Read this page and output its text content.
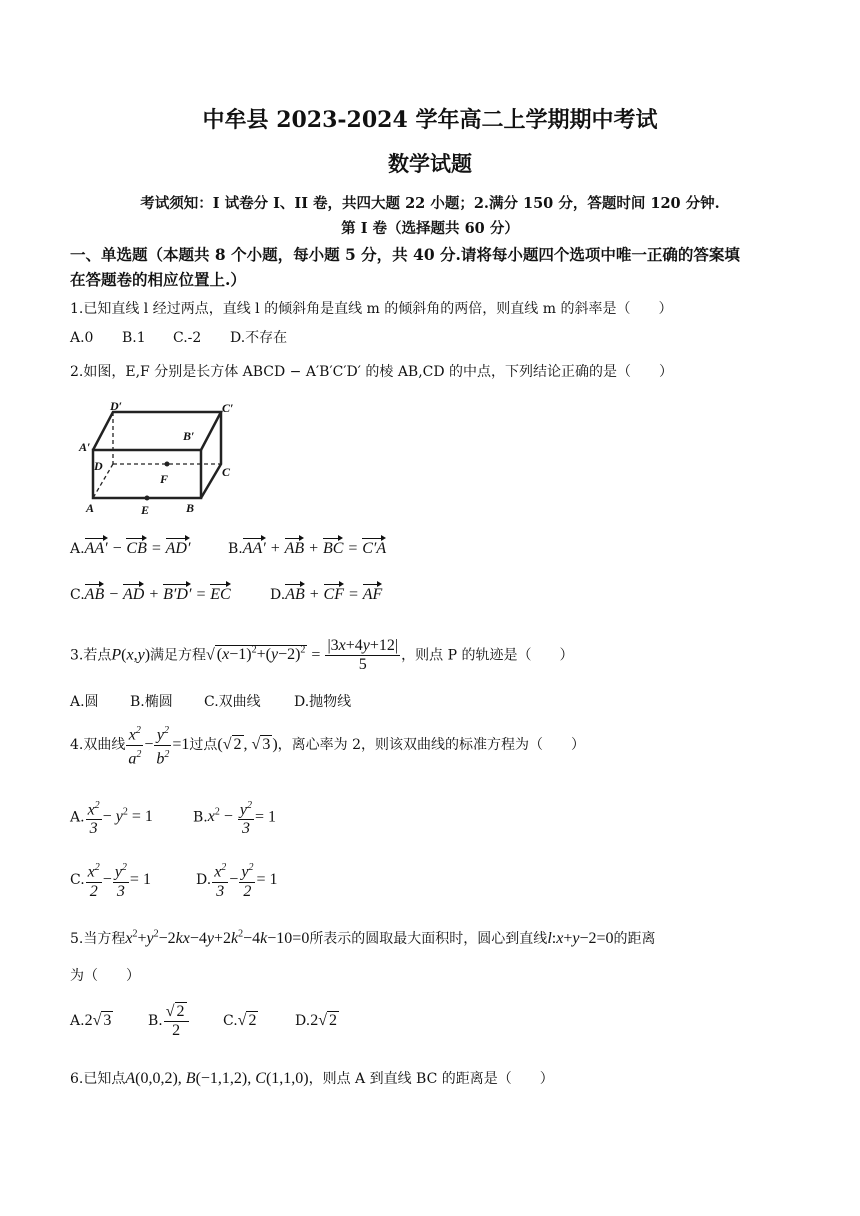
中牟县 2023-2024 学年高二上学期期中考试
数学试题
考试须知：I 试卷分 I、II 卷，共四大题 22 小题；2.满分 150 分，答题时间 120 分钟.
第 I 卷（选择题共 60 分）
一、单选题（本题共 8 个小题，每小题 5 分，共 40 分.请将每小题四个选项中唯一正确的答案填
在答题卷的相应位置上.）
1.已知直线 l 经过两点，直线 l 的倾斜角是直线 m 的倾斜角的两倍，则直线 m 的斜率是（　　）
A.0 B.1 C.-2 D.不存在
2.如图，E,F 分别是长方体 ABCD − A′B′C′D′ 的棱 AB,CD 的中点，下列结论正确的是（　　）
D′	C′
A′
B′
D	C
F
A	E	B
A.AA′ − CB = AD′	B.AA′ + AB + BC = C′A
C.AB − AD + B′D′ = EC	D.AB + CF = AF
3.若点P(x,y)满足方程√ $(x-1)^2+(y-2)^2 = \frac{|3x+4y+12|}{5}$ ，则点 P 的轨迹是（　　）
A.圆 B.椭圆 C.双曲线 D.抛物线
4.双曲线 $\frac{x^2}{a^2} - \frac{y^2}{b^2} =1$过点(√ 2 , √ 3 )，离心率为 2，则该双曲线的标准方程为（　　）
A. $\frac{x^2}{3} - y^2 = 1$	$B.x^2 - \frac{y^2}{3} = 1$
C. $\frac{x^2}{2} - \frac{y^2}{3} = 1$	D. $\frac{x^2}{3} - \frac{y^2}{2} = 1$
5.当方程$x^2+y^2-2kx-4y+2k^2-4k-10=0$所表示的圆取最大面积时，圆心到直线l:x+y−2=0的距离
为（　　）
A.2√ 3	B. $\frac{√ 2}{2} C.√$ 2	D.2√ 2
6.已知点A(0,0,2), B(−1,1,2), C(1,1,0)，则点 A 到直线 BC 的距离是（　　）
